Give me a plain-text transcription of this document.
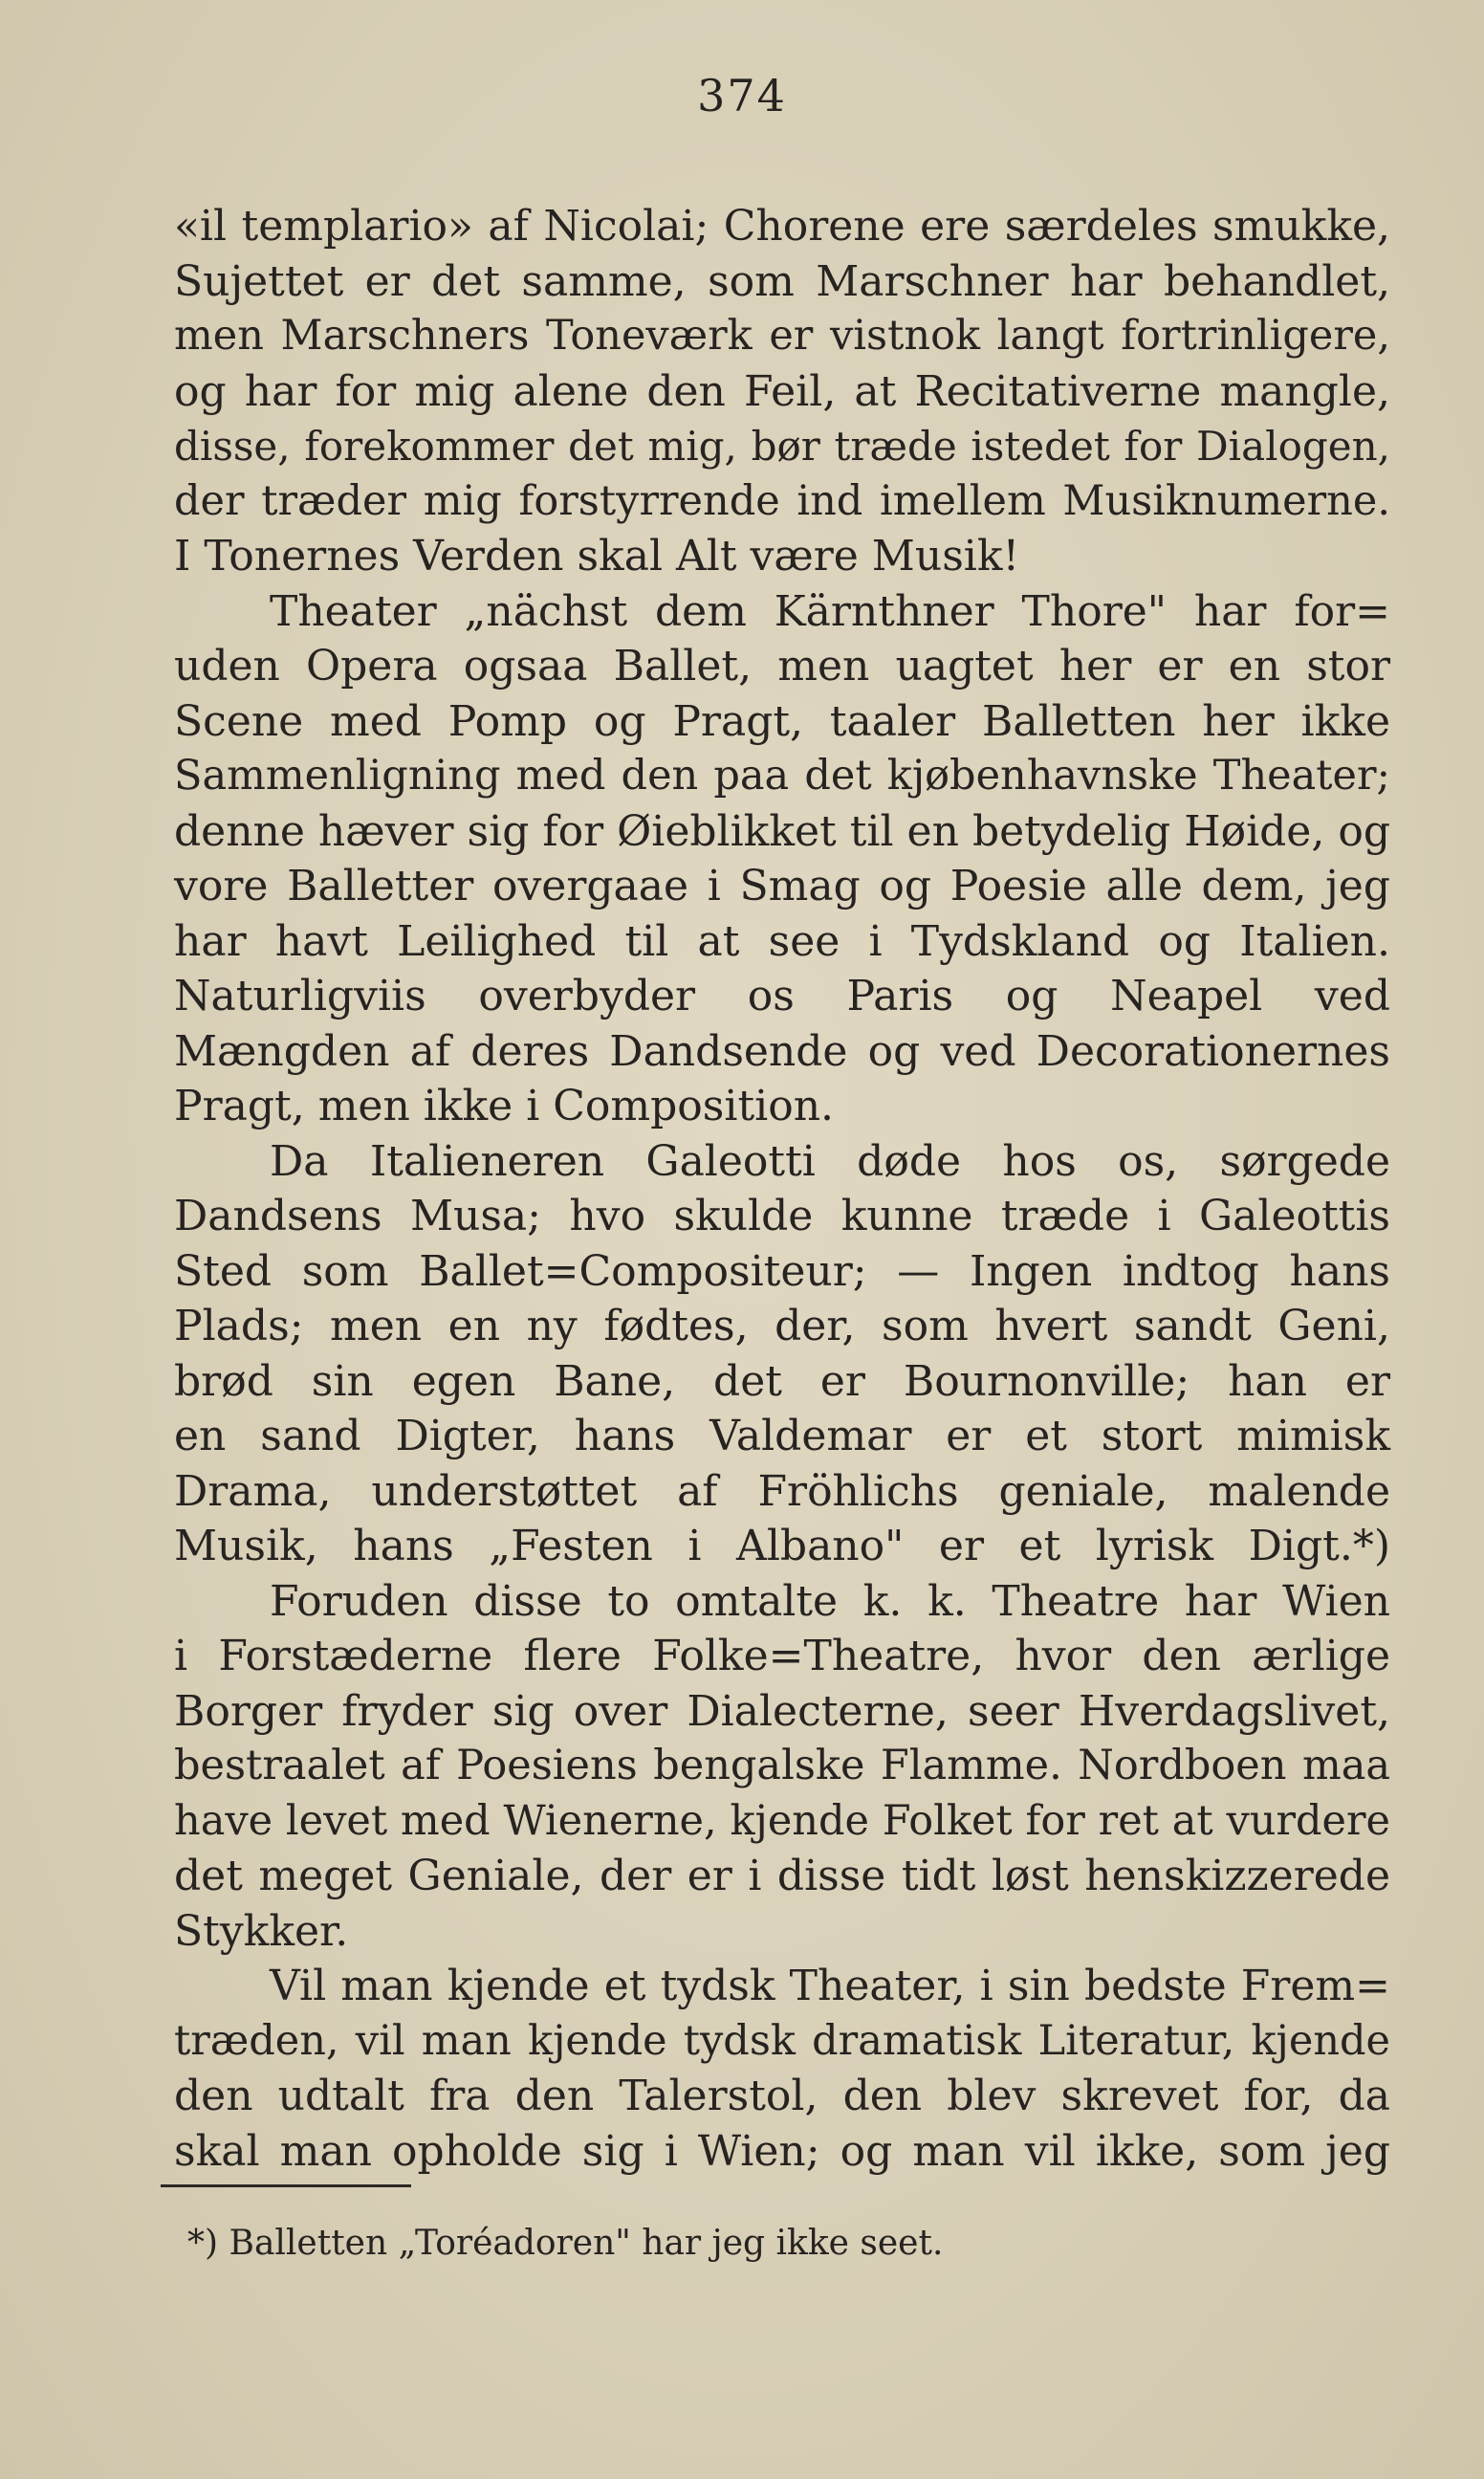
374
«il templario» af Nicolai; Chorene ere særdeles smukke,
Sujettet er det samme, som Marschner har behandlet,
men Marschners Toneværk er vistnok langt fortrinligere,
og har for mig alene den Feil, at Recitativerne mangle,
disse, forekommer det mig, bør træde istedet for Dialogen,
der træder mig forstyrrende ind imellem Musiknumerne.
I Tonernes Verden skal Alt være Musik!
Theater „nächst dem Kärnthner Thore" har for=
uden Opera ogsaa Ballet, men uagtet her er en stor
Scene med Pomp og Pragt, taaler Balletten her ikke
Sammenligning med den paa det kjøbenhavnske Theater;
denne hæver sig for Øieblikket til en betydelig Høide, og
vore Balletter overgaae i Smag og Poesie alle dem, jeg
har havt Leilighed til at see i Tydskland og Italien.
Naturligviis overbyder os Paris og Neapel ved
Mængden af deres Dandsende og ved Decorationernes
Pragt, men ikke i Composition.
Da Italieneren Galeotti døde hos os, sørgede
Dandsens Musa; hvo skulde kunne træde i Galeottis
Sted som Ballet=Compositeur; — Ingen indtog hans
Plads; men en ny fødtes, der, som hvert sandt Geni,
brød sin egen Bane, det er Bournonville; han er
en sand Digter, hans Valdemar er et stort mimisk
Drama, understøttet af Fröhlichs geniale, malende
Musik, hans „Festen i Albano" er et lyrisk Digt.*)
Foruden disse to omtalte k. k. Theatre har Wien
i Forstæderne flere Folke=Theatre, hvor den ærlige
Borger fryder sig over Dialecterne, seer Hverdagslivet,
bestraalet af Poesiens bengalske Flamme. Nordboen maa
have levet med Wienerne, kjende Folket for ret at vurdere
det meget Geniale, der er i disse tidt løst henskizzerede
Stykker.
Vil man kjende et tydsk Theater, i sin bedste Frem=
træden, vil man kjende tydsk dramatisk Literatur, kjende
den udtalt fra den Talerstol, den blev skrevet for, da
skal man opholde sig i Wien; og man vil ikke, som jeg
*) Balletten „Toréadoren" har jeg ikke seet.
